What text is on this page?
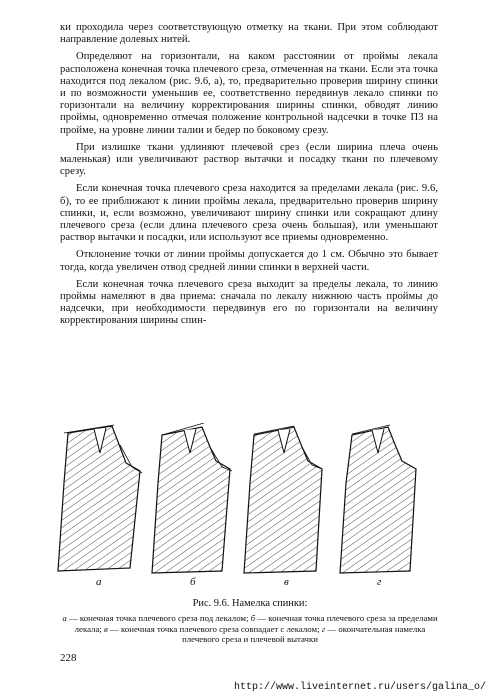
ки проходила через соответствующую отметку на ткани. При этом соблюдают направление долевых нитей.

Определяют на горизонтали, на каком расстоянии от проймы лекала расположена конечная точка плечевого среза, отмеченная на ткани. Если эта точка находится под лекалом (рис. 9.6, а), то, предварительно проверив ширину спинки и по возможности уменьшив ее, соответственно передвинув лекало спинки по горизонтали на величину корректирования ширины спинки, обводят линию проймы, одновременно отмечая положение контрольной надсечки в точке П3 на пройме, на уровне линии талии и бедер по боковому срезу.

При излишке ткани удлиняют плечевой срез (если ширина плеча очень маленькая) или увеличивают раствор вытачки и посадку ткани по плечевому срезу.

Если конечная точка плечевого среза находится за пределами лекала (рис. 9.6, б), то ее приближают к линии проймы лекала, предварительно проверив ширину спинки, и, если возможно, увеличивают ширину спинки или сокращают длину плечевого среза (если длина плечевого среза очень большая), или уменьшают раствор вытачки и посадки, или используют все приемы одновременно.

Отклонение точки от линии проймы допускается до 1 см. Обычно это бывает тогда, когда увеличен отвод средней линии спинки в верхней части.

Если конечная точка плечевого среза выходит за пределы лекала, то линию проймы намеляют в два приема: сначала по лекалу нижнюю часть проймы до надсечки, при необходимости передвинув его по горизонтали на величину корректирования ширины спин-

а	б	в	г
Рис. 9.6. Намелка спинки:
а — конечная точка плечевого среза под лекалом; б — конечная точка плечевого среза за пределами лекала; в — конечная точка плечевого среза совпадает с лекалом; г — окончательная намелка плечевого среза и плечевой вытачки
228
http://www.liveinternet.ru/users/galina_o/
